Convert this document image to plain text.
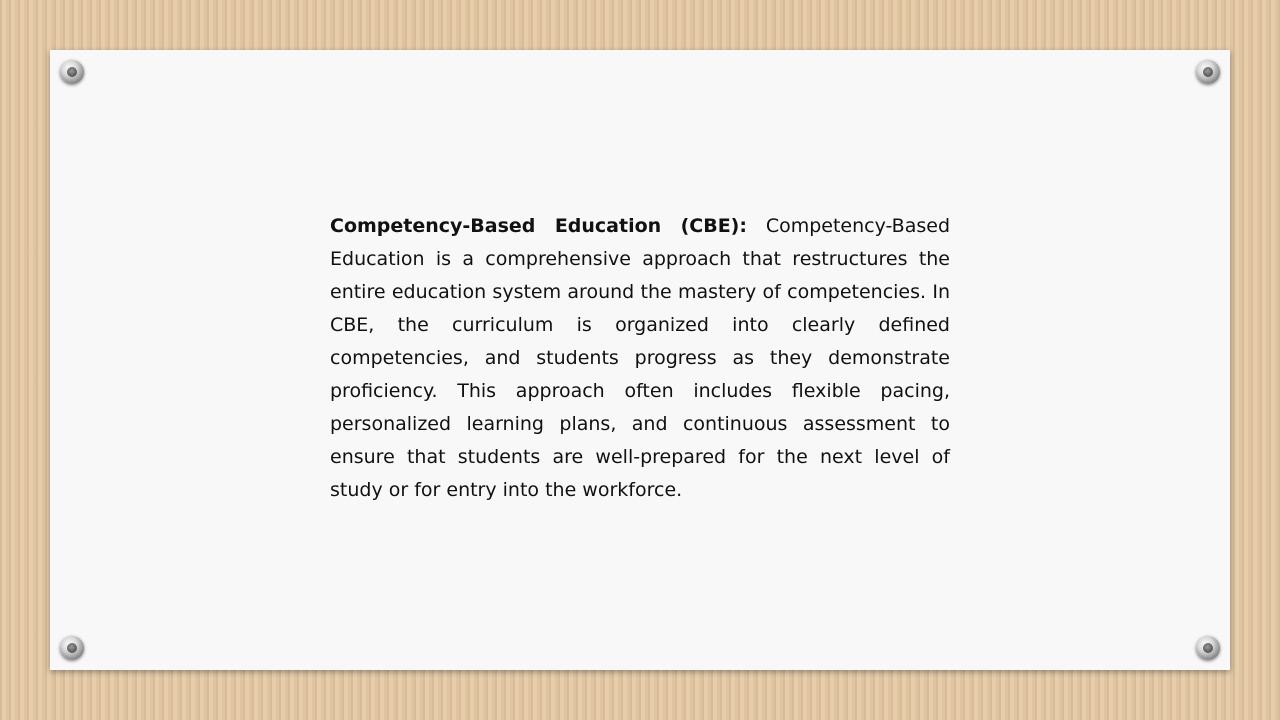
Competency-Based Education (CBE): Competency-Based Education is a comprehensive approach that restructures the entire education system around the mastery of competencies. In CBE, the curriculum is organized into clearly defined competencies, and students progress as they demonstrate proficiency. This approach often includes flexible pacing, personalized learning plans, and continuous assessment to ensure that students are well-prepared for the next level of study or for entry into the workforce.
